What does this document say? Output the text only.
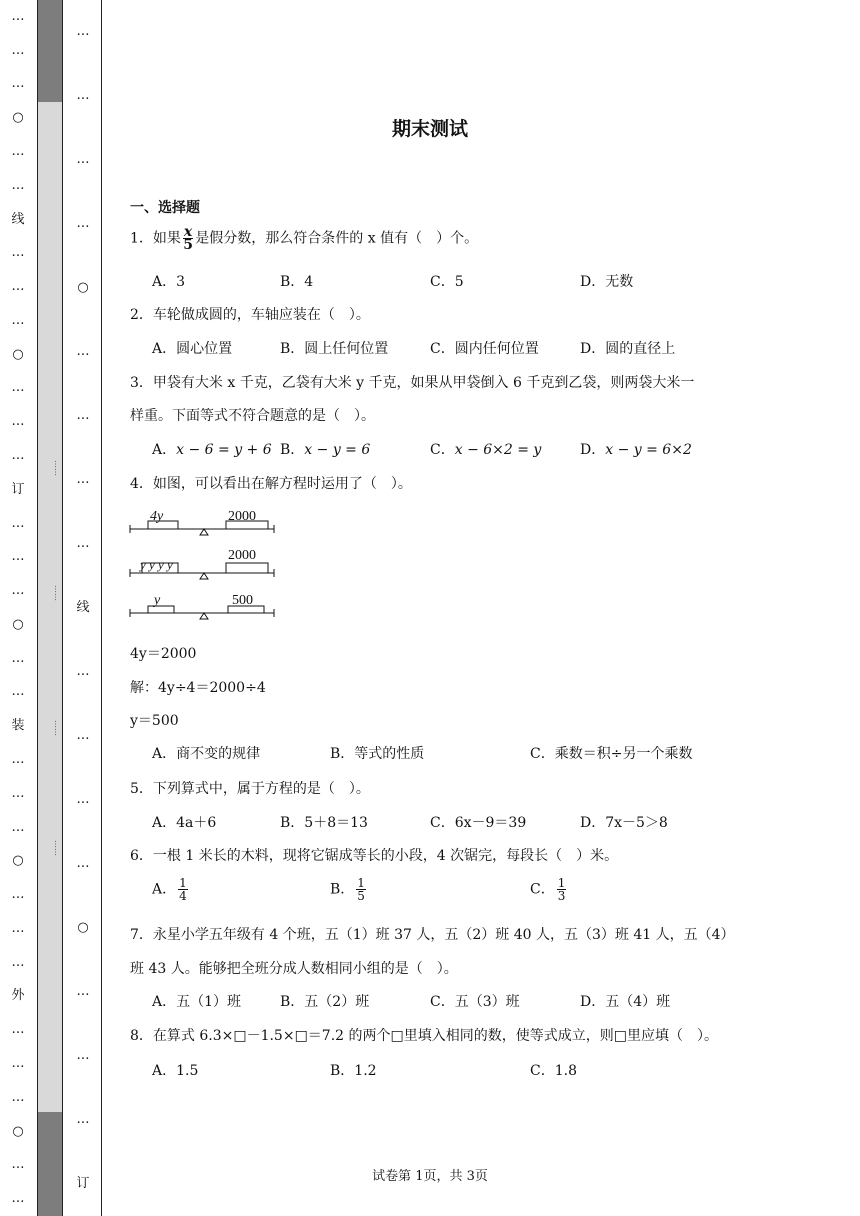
…
…
…
○
…
…
线
…
…
…
○
…
…
…
订
…
…
…
○
…
…
装
…
…
…
○
…
…
…
外
…
…
…
○
…
…
……
……
……
……
…
…
…
…
○
…
…
…
…
线
…
…
…
…
○
…
…
…
订
期末测试
一、选择题
1．如果 $\frac{x}{5}$ 是假分数，那么符合条件的 x 值有（　）个。
A．3	B．4	C．5	D．无数
2．车轮做成圆的，车轴应装在（　）。
A．圆心位置	B．圆上任何位置	C．圆内任何位置	D．圆的直径上
3．甲袋有大米 x 千克，乙袋有大米 y 千克，如果从甲袋倒入 6 千克到乙袋，则两袋大米一
样重。下面等式不符合题意的是（　）。
A．x − 6 = y + 6 B．x − y = 6	C．x − 6×2 = y	D．x − y = 6×2
4．如图，可以看出在解方程时运用了（　）。
4y	2000
y y y y
2000
y	500
4y＝2000
解：4y÷4＝2000÷4
y＝500
A．商不变的规律	B．等式的性质	C．乘数＝积÷另一个乘数
5．下列算式中，属于方程的是（　）。
A．4a＋6	B．5＋8＝13	C．6x－9＝39	D．7x－5＞8
6．一根 1 米长的木料，现将它锯成等长的小段，4 次锯完，每段长（　）米。
A． $\frac{1}{4}$	B． $\frac{1}{5}$	C． $\frac{1}{3}$
7．永星小学五年级有 4 个班，五（1）班 37 人，五（2）班 40 人，五（3）班 41 人，五（4）
班 43 人。能够把全班分成人数相同小组的是（　）。
A．五（1）班	B．五（2）班	C．五（3）班	D．五（4）班
8．在算式 6.3×□－1.5×□＝7.2 的两个□里填入相同的数，使等式成立，则□里应填（　）。
A．1.5	B．1.2	C．1.8
试卷第 1页，共 3页
